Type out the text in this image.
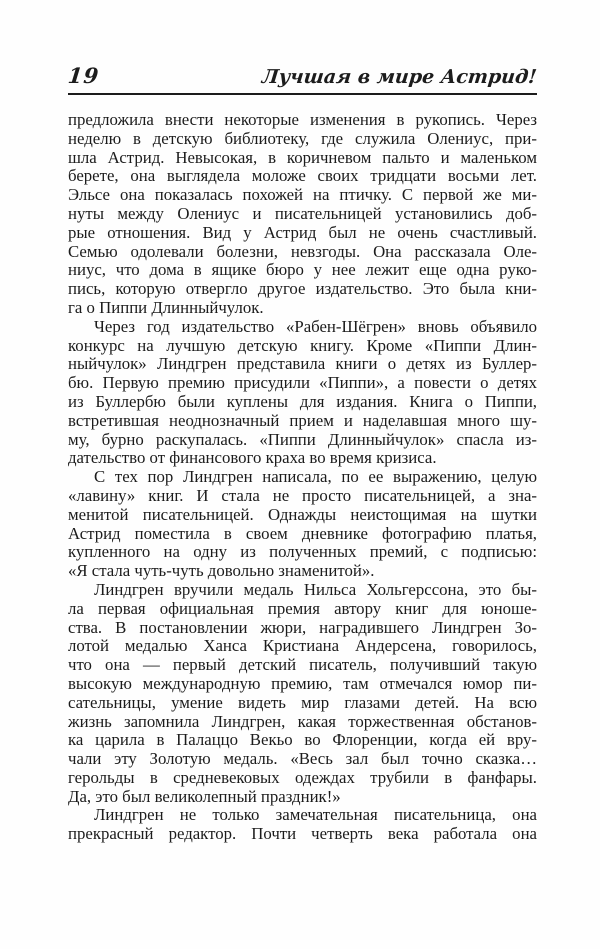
19	Лучшая в мире Астрид!
предложила внести некоторые изменения в рукопись. Через
неделю в детскую библиотеку, где служила Олениус, при-
шла Астрид. Невысокая, в коричневом пальто и маленьком
берете, она выглядела моложе своих тридцати восьми лет.
Эльсе она показалась похожей на птичку. С первой же ми-
нуты между Олениус и писательницей установились доб-
рые отношения. Вид у Астрид был не очень счастливый.
Семью одолевали болезни, невзгоды. Она рассказала Оле-
ниус, что дома в ящике бюро у нее лежит еще одна руко-
пись, которую отвергло другое издательство. Это была кни-
га о Пиппи Длинныйчулок.
Через год издательство «Рабен-Шёгрен» вновь объявило
конкурс на лучшую детскую книгу. Кроме «Пиппи Длин-
ныйчулок» Линдгрен представила книги о детях из Буллер-
бю. Первую премию присудили «Пиппи», а повести о детях
из Буллербю были куплены для издания. Книга о Пиппи,
встретившая неоднозначный прием и наделавшая много шу-
му, бурно раскупалась. «Пиппи Длинныйчулок» спасла из-
дательство от финансового краха во время кризиса.
С тех пор Линдгрен написала, по ее выражению, целую
«лавину» книг. И стала не просто писательницей, а зна-
менитой писательницей. Однажды неистощимая на шутки
Астрид поместила в своем дневнике фотографию платья,
купленного на одну из полученных премий, с подписью:
«Я стала чуть-чуть довольно знаменитой».
Линдгрен вручили медаль Нильса Хольгерссона, это бы-
ла первая официальная премия автору книг для юноше-
ства. В постановлении жюри, наградившего Линдгрен Зо-
лотой медалью Ханса Кристиана Андерсена, говорилось,
что она — первый детский писатель, получивший такую
высокую международную премию, там отмечался юмор пи-
сательницы, умение видеть мир глазами детей. На всю
жизнь запомнила Линдгрен, какая торжественная обстанов-
ка царила в Палаццо Векьо во Флоренции, когда ей вру-
чали эту Золотую медаль. «Весь зал был точно сказка…
герольды в средневековых одеждах трубили в фанфары.
Да, это был великолепный праздник!»
Линдгрен не только замечательная писательница, она
прекрасный редактор. Почти четверть века работала она
